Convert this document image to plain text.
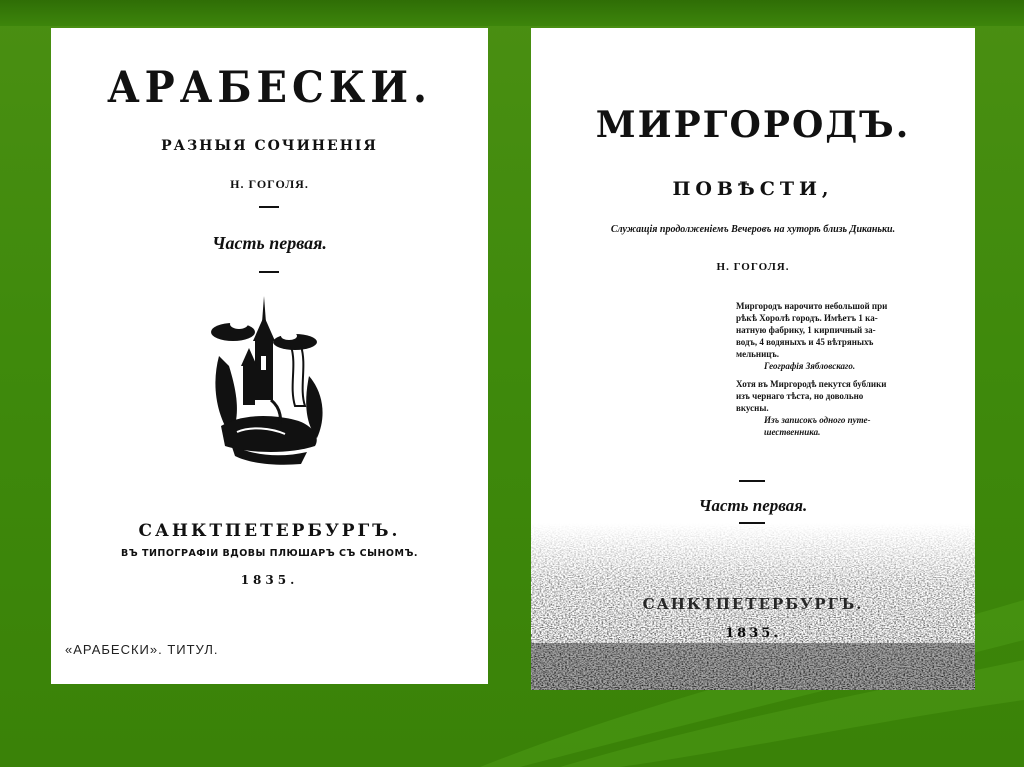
АРАБЕСКИ.
РАЗНЫЯ СОЧИНЕНIЯ
Н. ГОГОЛЯ.
Часть первая.
САНКТПЕТЕРБУРГЪ.
ВЪ ТИПОГРАФIИ ВДОВЫ ПЛЮШАРЪ СЪ СЫНОМЪ.
1835.
«АРАБЕСКИ». ТИТУЛ.
МИРГОРОДЪ.
ПОВѢСТИ,
Служащiя продолженiемъ Вечеровъ на хуторѣ близь Диканьки.
Н. ГОГОЛЯ.
Миргородъ нарочито небольшой при
рѣкѣ Хоролѣ городъ. Имѣетъ 1 ка-
натную фабрику, 1 кирпичный за-
водъ, 4 водяныхъ и 45 вѣтряныхъ
мельницъ.
Географiя Зябловскаго.
Хотя въ Миргородѣ пекутся бублики
изъ чернаго тѣста, но довольно
вкусны.
Изъ записокъ одного путе-
шественника.
Часть первая.
САНКТПЕТЕРБУРГЪ.
1835.
